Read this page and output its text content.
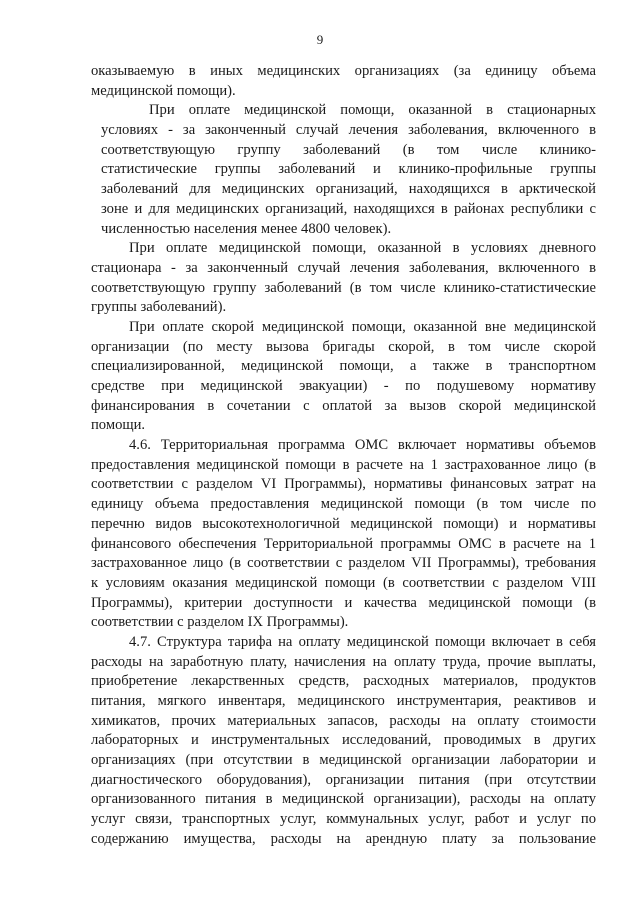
9
оказываемую в иных медицинских организациях (за единицу объема
медицинской помощи).
При оплате медицинской помощи, оказанной в стационарных
условиях - за законченный случай лечения заболевания, включенного в
соответствующую группу заболеваний (в том числе клинико-
статистические группы заболеваний и клинико-профильные группы
заболеваний для медицинских организаций, находящихся в арктической
зоне и для медицинских организаций, находящихся в районах республики с
численностью населения менее 4800 человек).
При оплате медицинской помощи, оказанной в условиях дневного
стационара - за законченный случай лечения заболевания, включенного в
соответствующую группу заболеваний (в том числе клинико-статистические
группы заболеваний).
При оплате скорой медицинской помощи, оказанной вне медицинской
организации (по месту вызова бригады скорой, в том числе скорой
специализированной, медицинской помощи, а также в транспортном
средстве при медицинской эвакуации) - по подушевому нормативу
финансирования в сочетании с оплатой за вызов скорой медицинской
помощи.
4.6. Территориальная программа ОМС включает нормативы объемов
предоставления медицинской помощи в расчете на 1 застрахованное лицо (в
соответствии с разделом VI Программы), нормативы финансовых затрат на
единицу объема предоставления медицинской помощи (в том числе по
перечню видов высокотехнологичной медицинской помощи) и нормативы
финансового обеспечения Территориальной программы ОМС в расчете на 1
застрахованное лицо (в соответствии с разделом VII Программы), требования
к условиям оказания медицинской помощи (в соответствии с разделом VIII
Программы), критерии доступности и качества медицинской помощи (в
соответствии с разделом IX Программы).
4.7. Структура тарифа на оплату медицинской помощи включает в себя
расходы на заработную плату, начисления на оплату труда, прочие выплаты,
приобретение лекарственных средств, расходных материалов, продуктов
питания, мягкого инвентаря, медицинского инструментария, реактивов и
химикатов, прочих материальных запасов, расходы на оплату стоимости
лабораторных и инструментальных исследований, проводимых в других
организациях (при отсутствии в медицинской организации лаборатории и
диагностического оборудования), организации питания (при отсутствии
организованного питания в медицинской организации), расходы на оплату
услуг связи, транспортных услуг, коммунальных услуг, работ и услуг по
содержанию имущества, расходы на арендную плату за пользование
